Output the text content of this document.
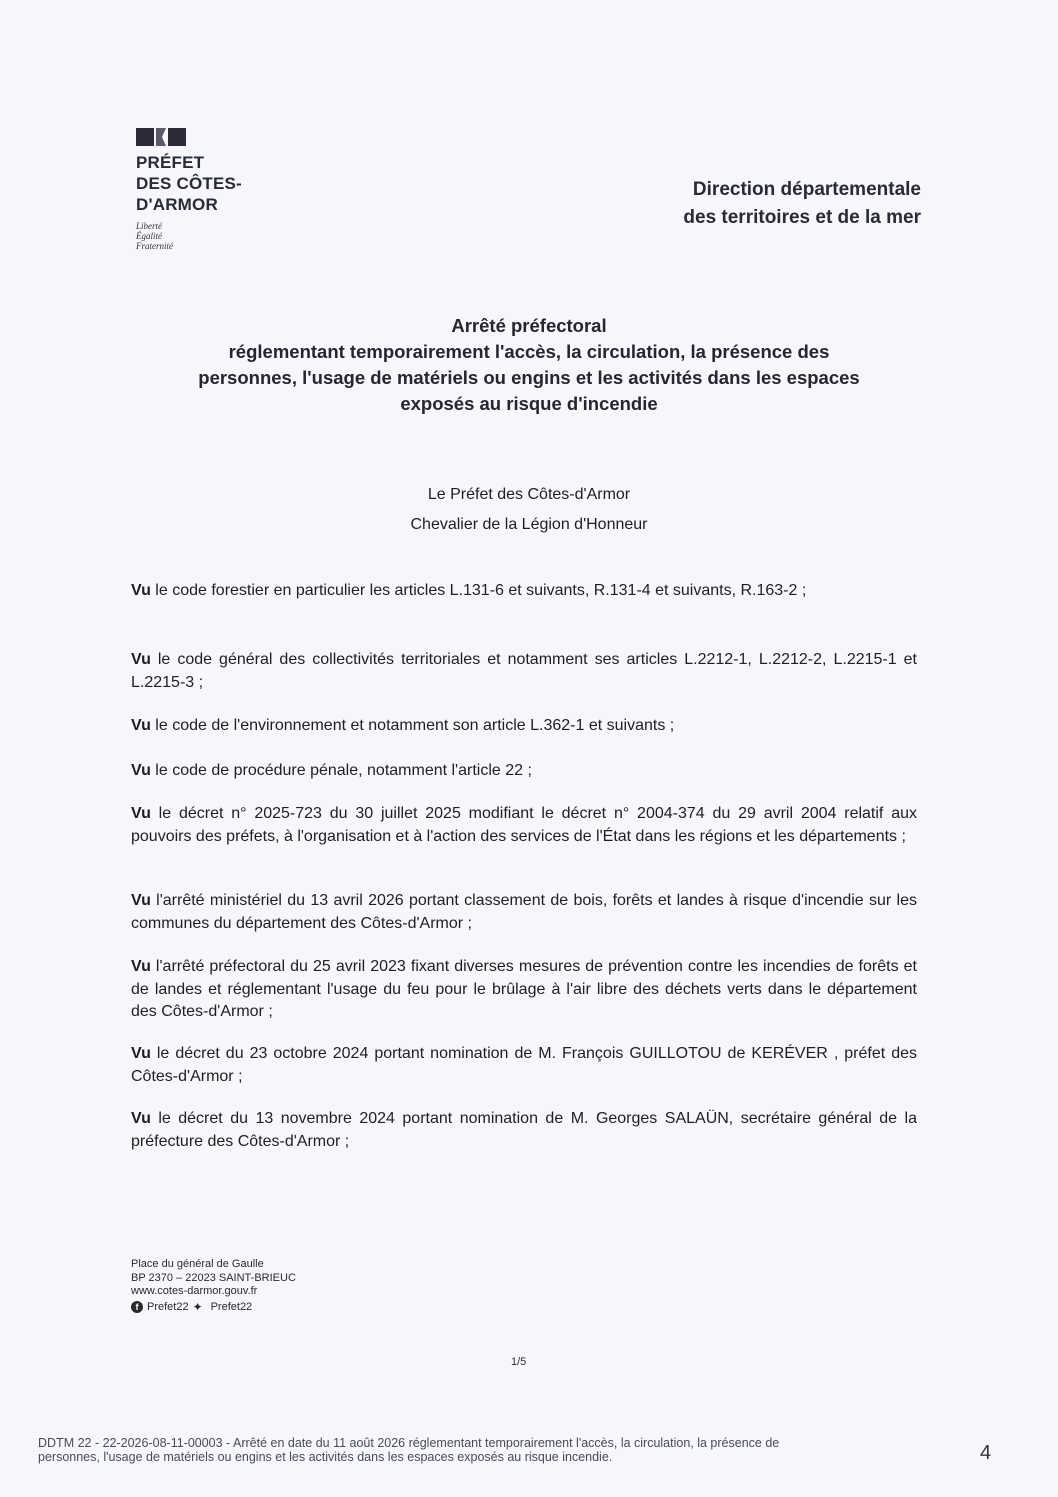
PRÉFET
DES CÔTES-
D'ARMOR
Liberté
Égalité
Fraternité
Direction départementale
des territoires et de la mer
Arrêté préfectoral
réglementant temporairement l'accès, la circulation, la présence des
personnes, l'usage de matériels ou engins et les activités dans les espaces
exposés au risque d'incendie
Le Préfet des Côtes-d'Armor
Chevalier de la Légion d'Honneur

Vu le code forestier en particulier les articles L.131-6 et suivants, R.131-4 et suivants, R.163-2 ;

Vu le code général des collectivités territoriales et notamment ses articles L.2212-1, L.2212-2, L.2215-1 et L.2215-3 ;

Vu le code de l'environnement et notamment son article L.362-1 et suivants ;

Vu le code de procédure pénale, notamment l'article 22 ;

Vu le décret n° 2025-723 du 30 juillet 2025 modifiant le décret n° 2004-374 du 29 avril 2004 relatif aux pouvoirs des préfets, à l'organisation et à l'action des services de l'État dans les régions et les départements ;

Vu l'arrêté ministériel du 13 avril 2026 portant classement de bois, forêts et landes à risque d'incendie sur les communes du département des Côtes-d'Armor ;

Vu l'arrêté préfectoral du 25 avril 2023 fixant diverses mesures de prévention contre les incendies de forêts et de landes et réglementant l'usage du feu pour le brûlage à l'air libre des déchets verts dans le département des Côtes-d'Armor ;

Vu le décret du 23 octobre 2024 portant nomination de M. François GUILLOTOU de KERÉVER , préfet des Côtes-d'Armor ;

Vu le décret du 13 novembre 2024 portant nomination de M. Georges SALAÜN, secrétaire général de la préfecture des Côtes-d'Armor ;

Place du général de Gaulle
BP 2370 – 22023 SAINT-BRIEUC
www.cotes-darmor.gouv.fr
f Prefet22 ✦ Prefet22
1/5
DDTM 22 - 22-2026-08-11-00003 - Arrêté en date du 11 août 2026 réglementant temporairement l'accès, la circulation, la présence de
personnes, l'usage de matériels ou engins et les activités dans les espaces exposés au risque incendie.	4
